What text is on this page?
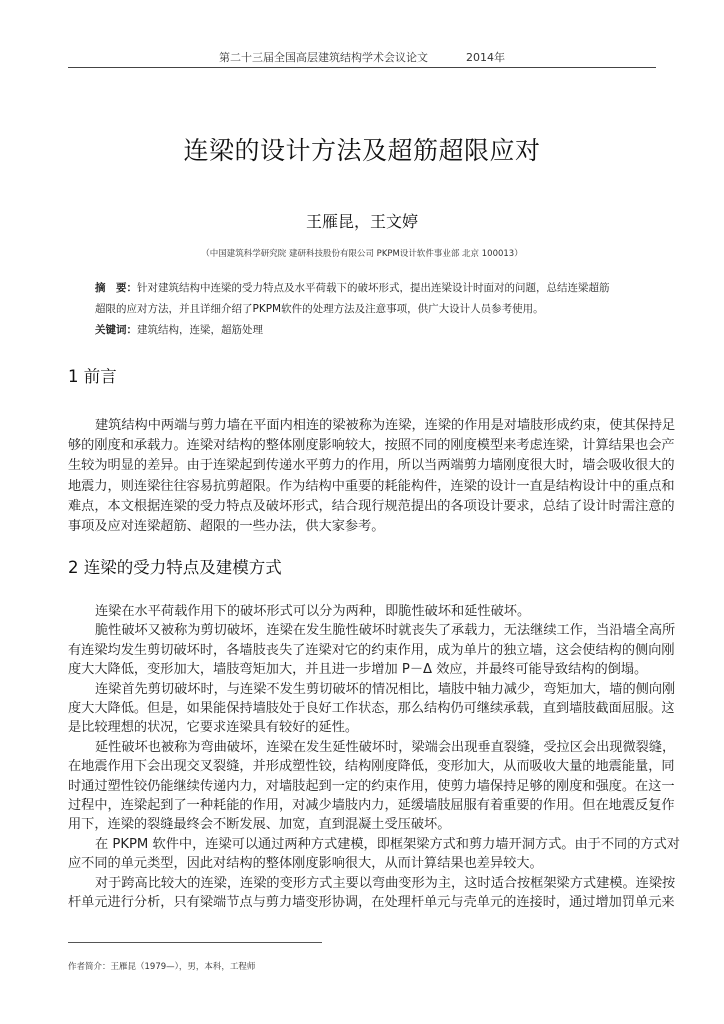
第二十三届全国高层建筑结构学术会议论文	2014年
连梁的设计方法及超筋超限应对
王雁昆，王文婷
（中国建筑科学研究院 建研科技股份有限公司 PKPM设计软件事业部 北京 100013）
摘　要：针对建筑结构中连梁的受力特点及水平荷载下的破坏形式，提出连梁设计时面对的问题，总结连梁超筋
超限的应对方法，并且详细介绍了PKPM软件的处理方法及注意事项，供广大设计人员参考使用。
关键词：建筑结构，连梁，超筋处理
1 前言
建筑结构中两端与剪力墙在平面内相连的梁被称为连梁，连梁的作用是对墙肢形成约束，使其保持足
够的刚度和承载力。连梁对结构的整体刚度影响较大，按照不同的刚度模型来考虑连梁，计算结果也会产
生较为明显的差异。由于连梁起到传递水平剪力的作用，所以当两端剪力墙刚度很大时，墙会吸收很大的
地震力，则连梁往往容易抗剪超限。作为结构中重要的耗能构件，连梁的设计一直是结构设计中的重点和
难点，本文根据连梁的受力特点及破坏形式，结合现行规范提出的各项设计要求，总结了设计时需注意的
事项及应对连梁超筋、超限的一些办法，供大家参考。
2 连梁的受力特点及建模方式
连梁在水平荷载作用下的破坏形式可以分为两种，即脆性破坏和延性破坏。
脆性破坏又被称为剪切破坏，连梁在发生脆性破坏时就丧失了承载力，无法继续工作，当沿墙全高所
有连梁均发生剪切破坏时，各墙肢丧失了连梁对它的约束作用，成为单片的独立墙，这会使结构的侧向刚
度大大降低，变形加大，墙肢弯矩加大，并且进一步增加 P－Δ 效应，并最终可能导致结构的倒塌。
连梁首先剪切破坏时，与连梁不发生剪切破坏的情况相比，墙肢中轴力减少，弯矩加大，墙的侧向刚
度大大降低。但是，如果能保持墙肢处于良好工作状态，那么结构仍可继续承载，直到墙肢截面屈服。这
是比较理想的状况，它要求连梁具有较好的延性。
延性破坏也被称为弯曲破坏，连梁在发生延性破坏时，梁端会出现垂直裂缝，受拉区会出现微裂缝，
在地震作用下会出现交叉裂缝，并形成塑性铰，结构刚度降低，变形加大，从而吸收大量的地震能量，同
时通过塑性铰仍能继续传递内力，对墙肢起到一定的约束作用，使剪力墙保持足够的刚度和强度。在这一
过程中，连梁起到了一种耗能的作用，对减少墙肢内力，延缓墙肢屈服有着重要的作用。但在地震反复作
用下，连梁的裂缝最终会不断发展、加宽，直到混凝土受压破坏。
在 PKPM 软件中，连梁可以通过两种方式建模，即框架梁方式和剪力墙开洞方式。由于不同的方式对
应不同的单元类型，因此对结构的整体刚度影响很大，从而计算结果也差异较大。
对于跨高比较大的连梁，连梁的变形方式主要以弯曲变形为主，这时适合按框架梁方式建模。连梁按
杆单元进行分析，只有梁端节点与剪力墙变形协调，在处理杆单元与壳单元的连接时，通过增加罚单元来
作者简介：王雁昆（1979—），男，本科，工程师
